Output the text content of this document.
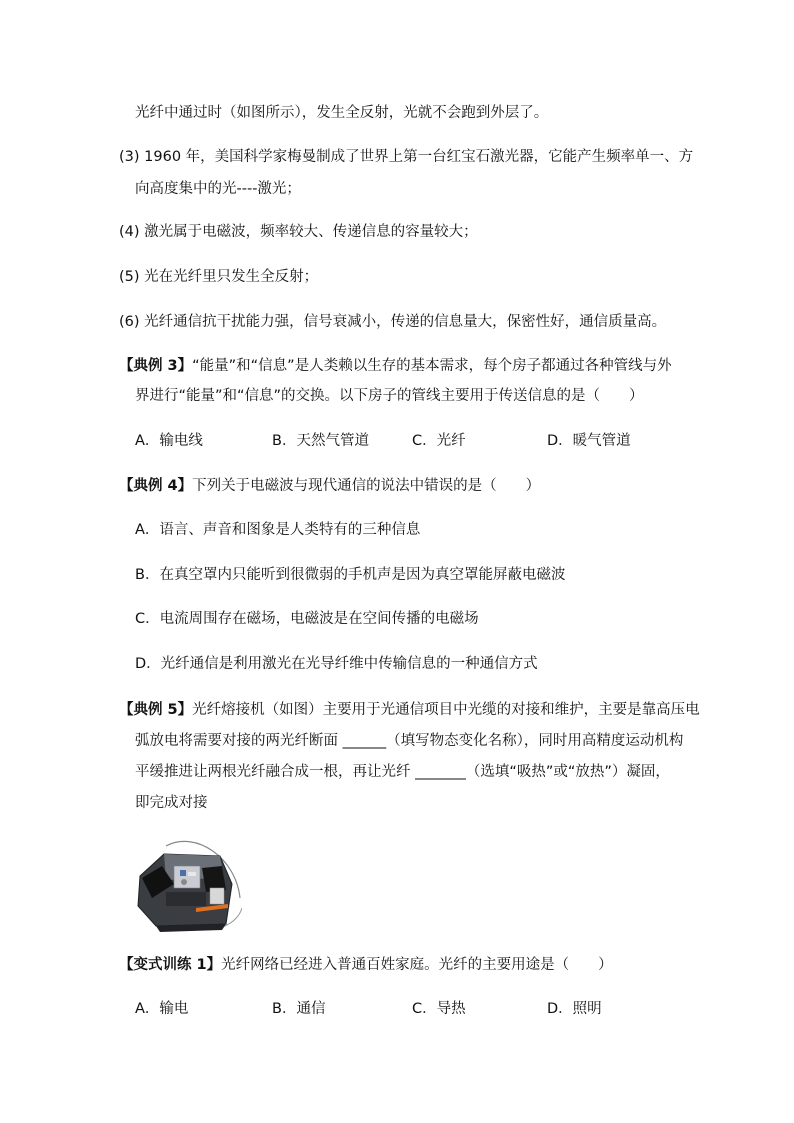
光纤中通过时（如图所示），发生全反射，光就不会跑到外层了。
(3) 1960 年，美国科学家梅曼制成了世界上第一台红宝石激光器，它能产生频率单一、方
向高度集中的光----激光；
(4) 激光属于电磁波，频率较大、传递信息的容量较大；
(5) 光在光纤里只发生全反射；
(6) 光纤通信抗干扰能力强，信号衰减小，传递的信息量大，保密性好，通信质量高。
【典例 3】“能量”和“信息”是人类赖以生存的基本需求，每个房子都通过各种管线与外
界进行“能量”和“信息”的交换。以下房子的管线主要用于传送信息的是（　　）
A．输电线	B．天然气管道	C．光纤	D．暖气管道
【典例 4】下列关于电磁波与现代通信的说法中错误的是（　　）
A．语言、声音和图象是人类特有的三种信息
B．在真空罩内只能听到很微弱的手机声是因为真空罩能屏蔽电磁波
C．电流周围存在磁场，电磁波是在空间传播的电磁场
D．光纤通信是利用激光在光导纤维中传输信息的一种通信方式
【典例 5】光纤熔接机（如图）主要用于光通信项目中光缆的对接和维护，主要是靠高压电
弧放电将需要对接的两光纤断面 ______（填写物态变化名称），同时用高精度运动机构
平缓推进让两根光纤融合成一根，再让光纤 _______（选填“吸热”或“放热”）凝固，
即完成对接
【变式训练 1】光纤网络已经进入普通百姓家庭。光纤的主要用途是（　　）
A．输电	B．通信	C．导热	D．照明
